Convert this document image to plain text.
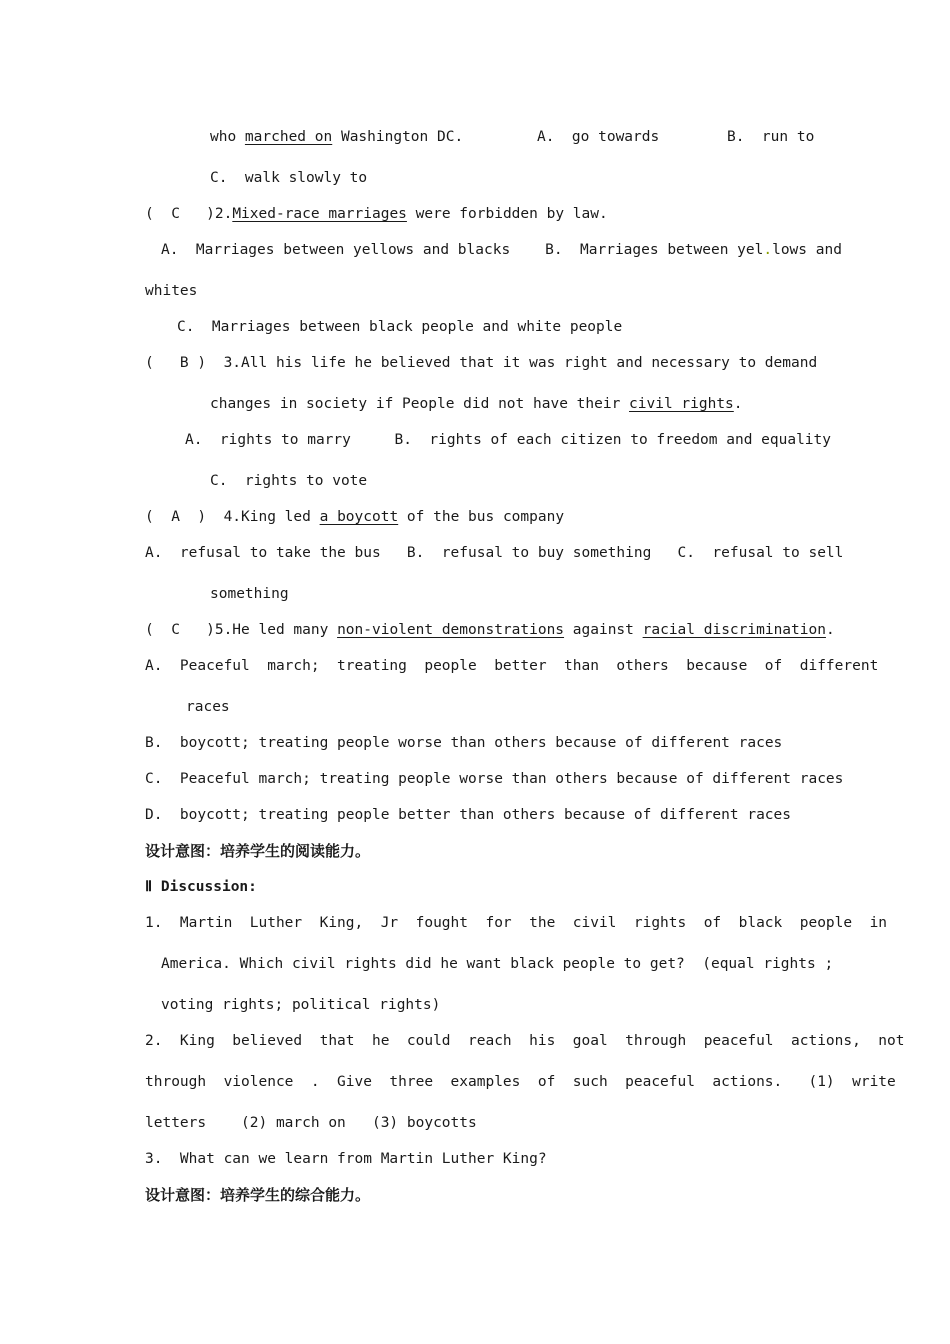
who marched on Washington DC.	A.  go towards	B.  run to
C.  walk slowly to
(  C   )2.Mixed-race marriages were forbidden by law.
A.  Marriages between yellows and blacks    B.  Marriages between yel.lows and
whites
C.  Marriages between black people and white people
(   B )  3.All his life he believed that it was right and necessary to demand
changes in society if People did not have their civil rights.
A.  rights to marry     B.  rights of each citizen to freedom and equality
C.  rights to vote
(  A  )  4.King led a boycott of the bus company
A.  refusal to take the bus   B.  refusal to buy something   C.  refusal to sell
something
(  C   )5.He led many non-violent demonstrations against racial discrimination.
A.  Peaceful  march;  treating  people  better  than  others  because  of  different
races
B.  boycott; treating people worse than others because of different races
C.  Peaceful march; treating people worse than others because of different races
D.  boycott; treating people better than others because of different races
设计意图：培养学生的阅读能力。
Ⅱ Discussion:
1.  Martin  Luther  King,  Jr  fought  for  the  civil  rights  of  black  people  in
America. Which civil rights did he want black people to get?  (equal rights ;
voting rights; political rights)
2.  King  believed  that  he  could  reach  his  goal  through  peaceful  actions,  not
through  violence  .  Give  three  examples  of  such  peaceful  actions.   (1)  write
letters    (2) march on   (3) boycotts
3.  What can we learn from Martin Luther King?
设计意图：培养学生的综合能力。
